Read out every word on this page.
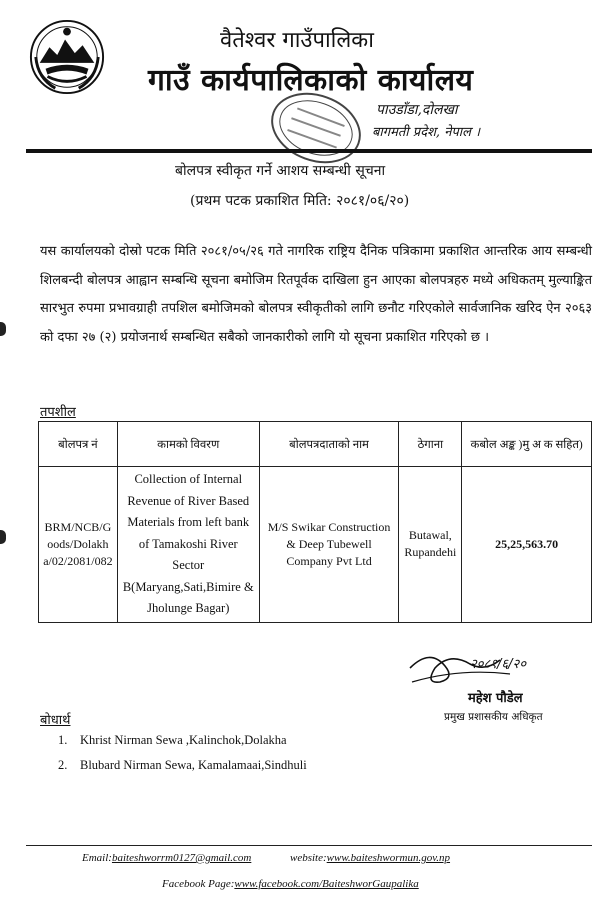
वैतेश्वर गाउँपालिका
गाउँ कार्यपालिकाको कार्यालय
पाउडाँडा,दोलखा
बागमती प्रदेश, नेपाल ।
बोलपत्र स्वीकृत गर्ने आशय सम्बन्धी सूचना
(प्रथम पटक प्रकाशित मिति: २०८१/०६/२०)
यस कार्यालयको दोस्रो पटक मिति २०८१/०५/२६ गते नागरिक राष्ट्रिय दैनिक पत्रिकामा प्रकाशित आन्तरिक आय सम्बन्धी शिलबन्दी बोलपत्र आह्वान सम्बन्धि सूचना बमोजिम रितपूर्वक दाखिला हुन आएका बोलपत्रहरु मध्ये अधिकतम् मुल्याङ्कित सारभुत रुपमा प्रभावग्राही तपशिल बमोजिमको बोलपत्र स्वीकृतीको लागि छनौट गरिएकोले सार्वजानिक खरिद ऐन २०६३ को दफा २७ (२) प्रयोजनार्थ सम्बन्धित सबैको जानकारीको लागि यो सूचना प्रकाशित गरिएको छ ।
तपशील
बोलपत्र नं	कामको विवरण	बोलपत्रदाताको नाम	ठेगाना	कबोल अङ्क )मु अ क सहित)
BRM/NCB/Goods/Dolakha/02/2081/082	Collection of Internal Revenue of River Based Materials from left bank of Tamakoshi River Sector B(Maryang,Sati,Bimire & Jholunge Bagar)	M/S Swikar Construction & Deep Tubewell Company Pvt Ltd	Butawal, Rupandehi	25,25,563.70
२०८१/६/२०
महेश पौडेल
प्रमुख प्रशासकीय अधिकृत
बोधार्थ
1. Khrist Nirman Sewa ,Kalinchok,Dolakha
2. Blubard Nirman Sewa, Kamalamaai,Sindhuli
Email:baiteshworrm0127@gmail.com	website:www.baiteshwormun.gov.np
Facebook Page:www.facebook.com/BaiteshworGaupalika
